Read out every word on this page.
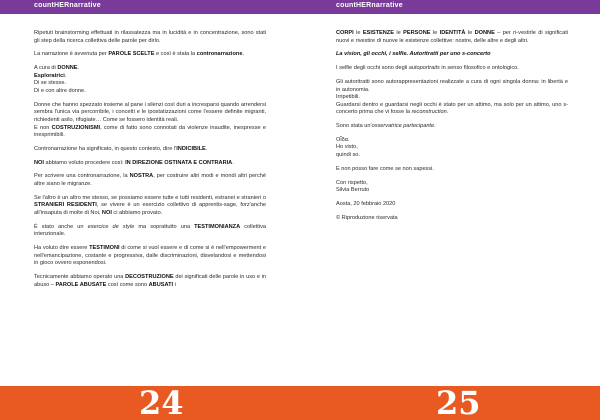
countHERnarrative

Ripetuti brainstorming effettuati in rilassatezza ma in lucidità e in concentrazione, sono stati gli step della ricerca collettiva delle parole per dirlo.

La narrazione è avvenuta per PAROLE SCELTE e così è stata la contronarrazione.

A cura di DONNE.
Esploratrici.
Di se stesse.
Di e con altre donne.

Donne che hanno spezzato insieme al pane i silenzi così duri a incresparsi quando arrendersi sembra l'unica via percorribile, i concetti e le ipostatizzazioni come l'essere definite migranti, richiedenti asilo, rifugiate… Come se fossero identità reali.
E non COSTRUZIONISMI, come di fatto sono connotati da violenze inaudite, inespresse e inesprimibili.

Contronarrazione ha significato, in questo contesto, dire l'INDICIBILE.

NOI abbiamo voluto procedere così: IN DIREZIONE OSTINATA E CONTRARIA.

Per scrivere una contronarrazione, la NOSTRA, per costruire altri modi e mondi altri perché altre siano le migranze.

Se l'altro è un altro me stesso, se possiamo essere tutte e tutti residenti, estranei e stranieri o STRANIERI RESIDENTI, se vivere è un esercizio collettivo di apprentis-sage, forz'anche all'insaputa di molte di Noi, NOI ci abbiamo provato.

È stato anche un exercice de style ma soprattutto una TESTIMONIANZA collettiva intenzionale.

Ha voluto dire essere TESTIMONI di come si vuol essere e di come si è nell'empowerment e nell'emancipazione, costante e progressiva, dalle discriminazioni, disvelandosi e mettendosi in gioco ovvero esponendosi.

Tecnicamente abbiamo operato una DECOSTRUZIONE dei significati delle parole in uso e in abuso – PAROLE ABUSATE così come sono ABUSATI i

24
countHERnarrative

CORPI le ESISTENZE le PERSONE le IDENTITÀ le DONNE – per ri-vestirle di significati nuovi e rivestire di nuove le esistenze collettive: nostre, delle altre e degli altri.

La vision, gli occhi, i selfie. Autoritratti per uno s-concerto

I selfie degli occhi sono degli autoportraits in senso filosofico e ontologico.

Gli autoritratti sono autorappresentazioni realizzate a cura di ogni singola donna: in libertà e in autonomia.
Irripetibili.
Guardarsi dentro e guardarsi negli occhi è stato per un attimo, ma solo per un attimo, uno s-concerto prima che vi fosse la reconstruction.

Sono stata un'osservatrice partecipante.

Οἶδα.
Ho visto,
quindi so.

E non posso fare come se non sapessi.

Con rispetto,
Silvia Berruto

Aosta, 20 febbraio 2020

© Riproduzione riservata

25
